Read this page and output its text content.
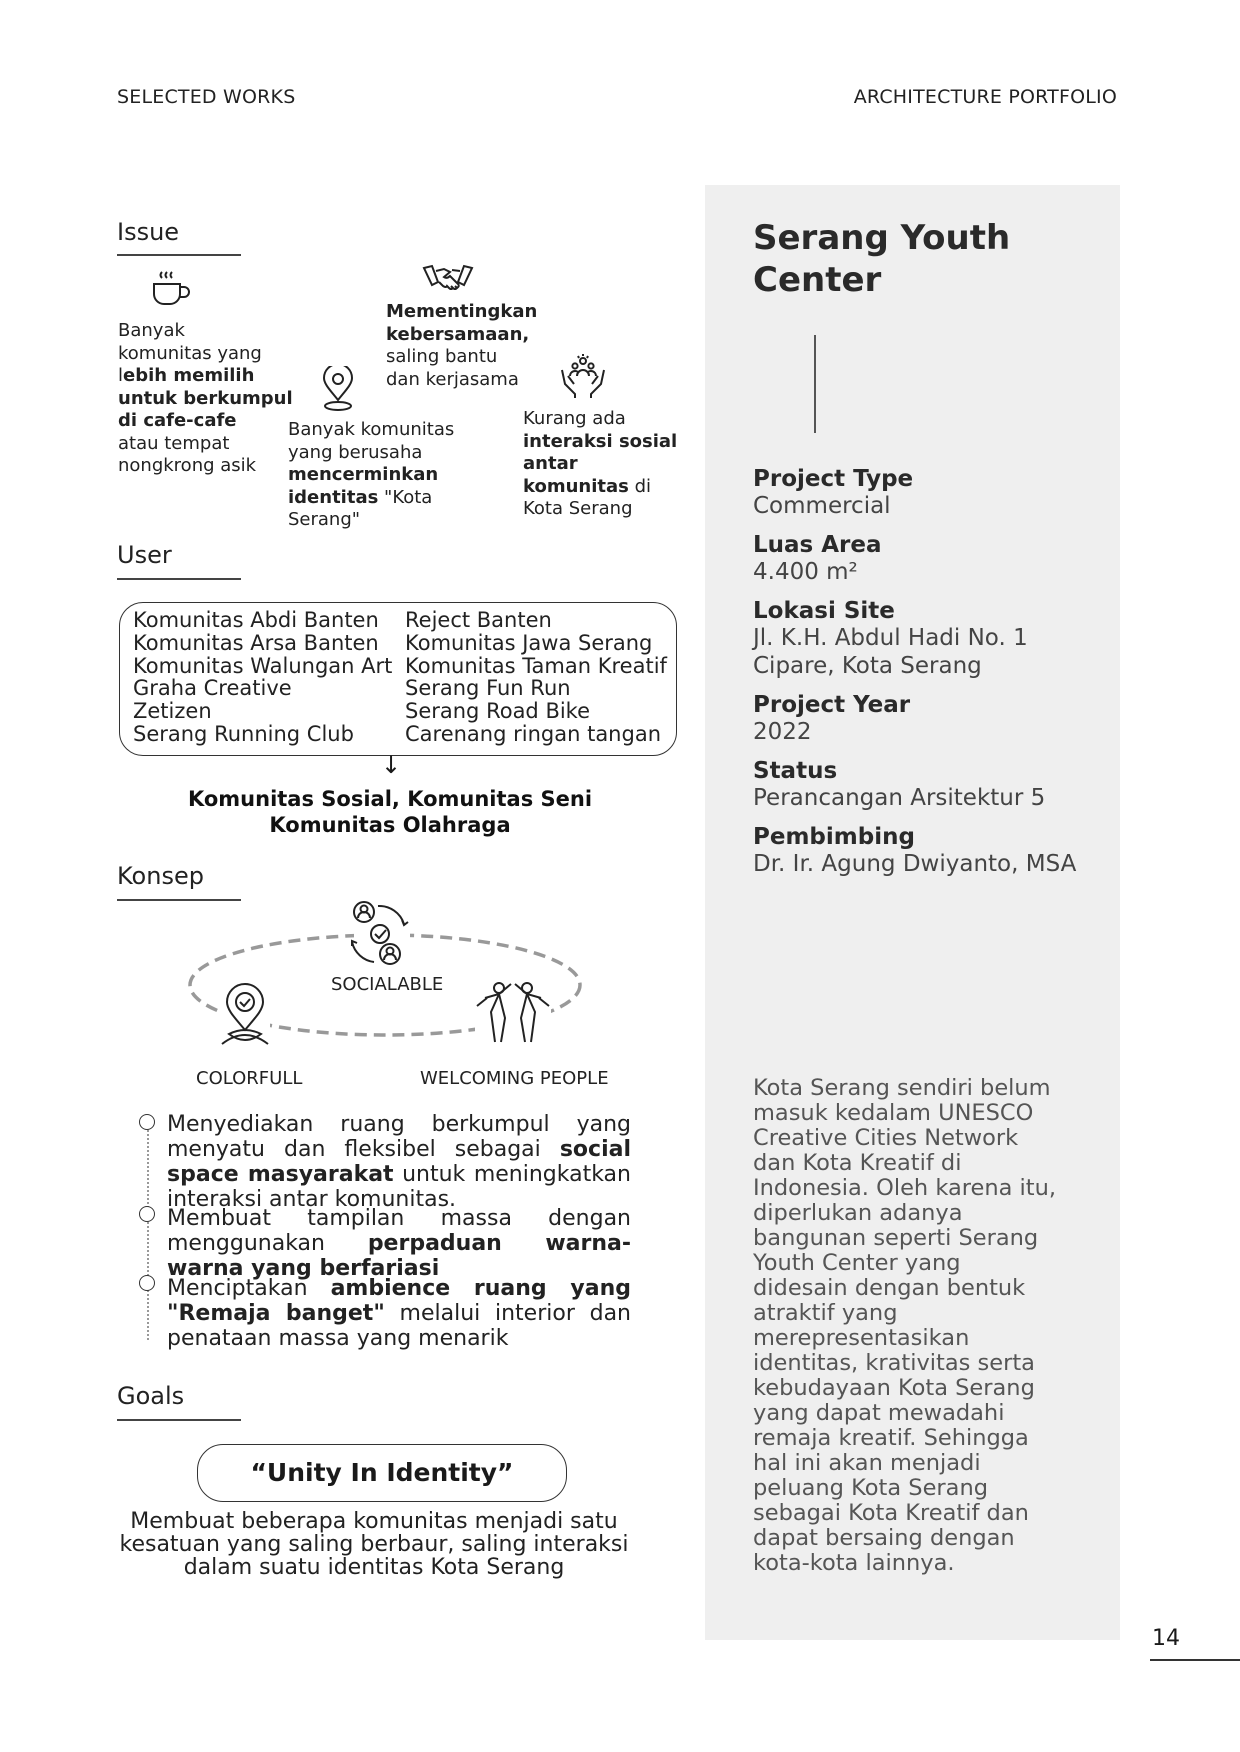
SELECTED WORKS	ARCHITECTURE PORTFOLIO
Serang Youth
Center
Project Type
Commercial
Luas Area
4.400 m²
Lokasi Site
Jl. K.H. Abdul Hadi No. 1
Cipare, Kota Serang
Project Year
2022
Status
Perancangan Arsitektur 5
Pembimbing
Dr. Ir. Agung Dwiyanto, MSA
Kota Serang sendiri belum
masuk kedalam UNESCO
Creative Cities Network
dan Kota Kreatif di
Indonesia. Oleh karena itu,
diperlukan adanya
bangunan seperti Serang
Youth Center yang
didesain dengan bentuk
atraktif yang
merepresentasikan
identitas, krativitas serta
kebudayaan Kota Serang
yang dapat mewadahi
remaja kreatif. Sehingga
hal ini akan menjadi
peluang Kota Serang
sebagai Kota Kreatif dan
dapat bersaing dengan
kota-kota lainnya.
14
Issue
Banyak
komunitas yang
lebih memilih
untuk berkumpul
di cafe-cafe
atau tempat
nongkrong asik
Mementingkan
kebersamaan,
saling bantu
dan kerjasama
Banyak komunitas
yang berusaha
mencerminkan
identitas "Kota
Serang"
Kurang ada
interaksi sosial
antar
komunitas di
Kota Serang
User
Komunitas Abdi Banten
Komunitas Arsa Banten
Komunitas Walungan Art
Graha Creative
Zetizen
Serang Running Club
Reject Banten
Komunitas Jawa Serang
Komunitas Taman Kreatif
Serang Fun Run
Serang Road Bike
Carenang ringan tangan
↓
Komunitas Sosial, Komunitas Seni
Komunitas Olahraga
Konsep
SOCIALABLE
COLORFULL	WELCOMING PEOPLE
Menyediakan ruang berkumpul yang menyatu dan fleksibel sebagai social space masyarakat untuk meningkatkan interaksi antar komunitas.
Membuat tampilan massa dengan menggunakan perpaduan warna-warna yang berfariasi
Menciptakan ambience ruang yang "Remaja banget" melalui interior dan penataan massa yang menarik
Goals
“Unity In Identity”
Membuat beberapa komunitas menjadi satu
kesatuan yang saling berbaur, saling interaksi
dalam suatu identitas Kota Serang
